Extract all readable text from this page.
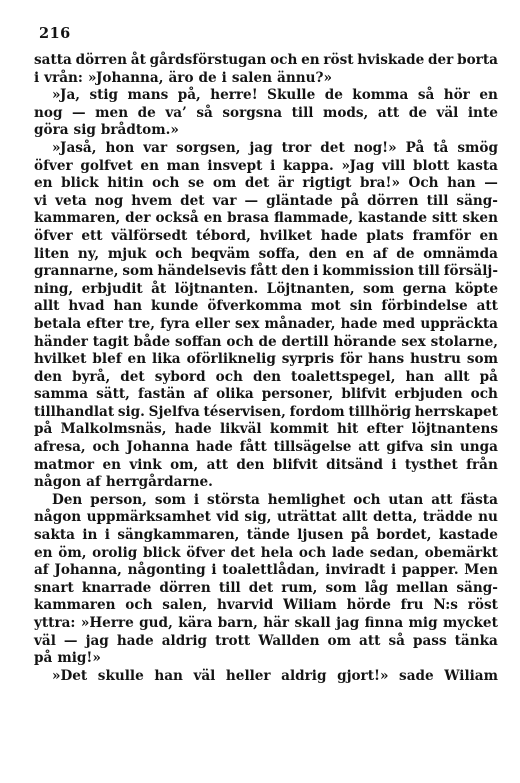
216
satta dörren åt gårdsförstugan och en röst hviskade der borta
i vrån: »Johanna, äro de i salen ännu?»
»Ja, stig mans på, herre! Skulle de komma så hör en
nog — men de va’ så sorgsna till mods, att de väl inte
göra sig brådtom.»
»Jaså, hon var sorgsen, jag tror det nog!» På tå smög
öfver golfvet en man insvept i kappa. »Jag vill blott kasta
en blick hitin och se om det är rigtigt bra!» Och han —
vi veta nog hvem det var — gläntade på dörren till säng-
kammaren, der också en brasa flammade, kastande sitt sken
öfver ett välförsedt tébord, hvilket hade plats framför en
liten ny, mjuk och beqväm soffa, den en af de omnämda
grannarne, som händelsevis fått den i kommission till försälj-
ning, erbjudit åt löjtnanten. Löjtnanten, som gerna köpte
allt hvad han kunde öfverkomma mot sin förbindelse att
betala efter tre, fyra eller sex månader, hade med uppräckta
händer tagit både soffan och de dertill hörande sex stolarne,
hvilket blef en lika oförliknelig syrpris för hans hustru som
den byrå, det sybord och den toalettspegel, han allt på
samma sätt, fastän af olika personer, blifvit erbjuden och
tillhandlat sig. Sjelfva téservisen, fordom tillhörig herrskapet
på Malkolmsnäs, hade likväl kommit hit efter löjtnantens
afresa, och Johanna hade fått tillsägelse att gifva sin unga
matmor en vink om, att den blifvit ditsänd i tysthet från
någon af herrgårdarne.
Den person, som i största hemlighet och utan att fästa
någon uppmärksamhet vid sig, uträttat allt detta, trädde nu
sakta in i sängkammaren, tände ljusen på bordet, kastade
en öm, orolig blick öfver det hela och lade sedan, obemärkt
af Johanna, någonting i toalettlådan, inviradt i papper. Men
snart knarrade dörren till det rum, som låg mellan säng-
kammaren och salen, hvarvid Wiliam hörde fru N:s röst
yttra: »Herre gud, kära barn, här skall jag finna mig mycket
väl — jag hade aldrig trott Wallden om att så pass tänka
på mig!»
»Det skulle han väl heller aldrig gjort!» sade Wiliam
